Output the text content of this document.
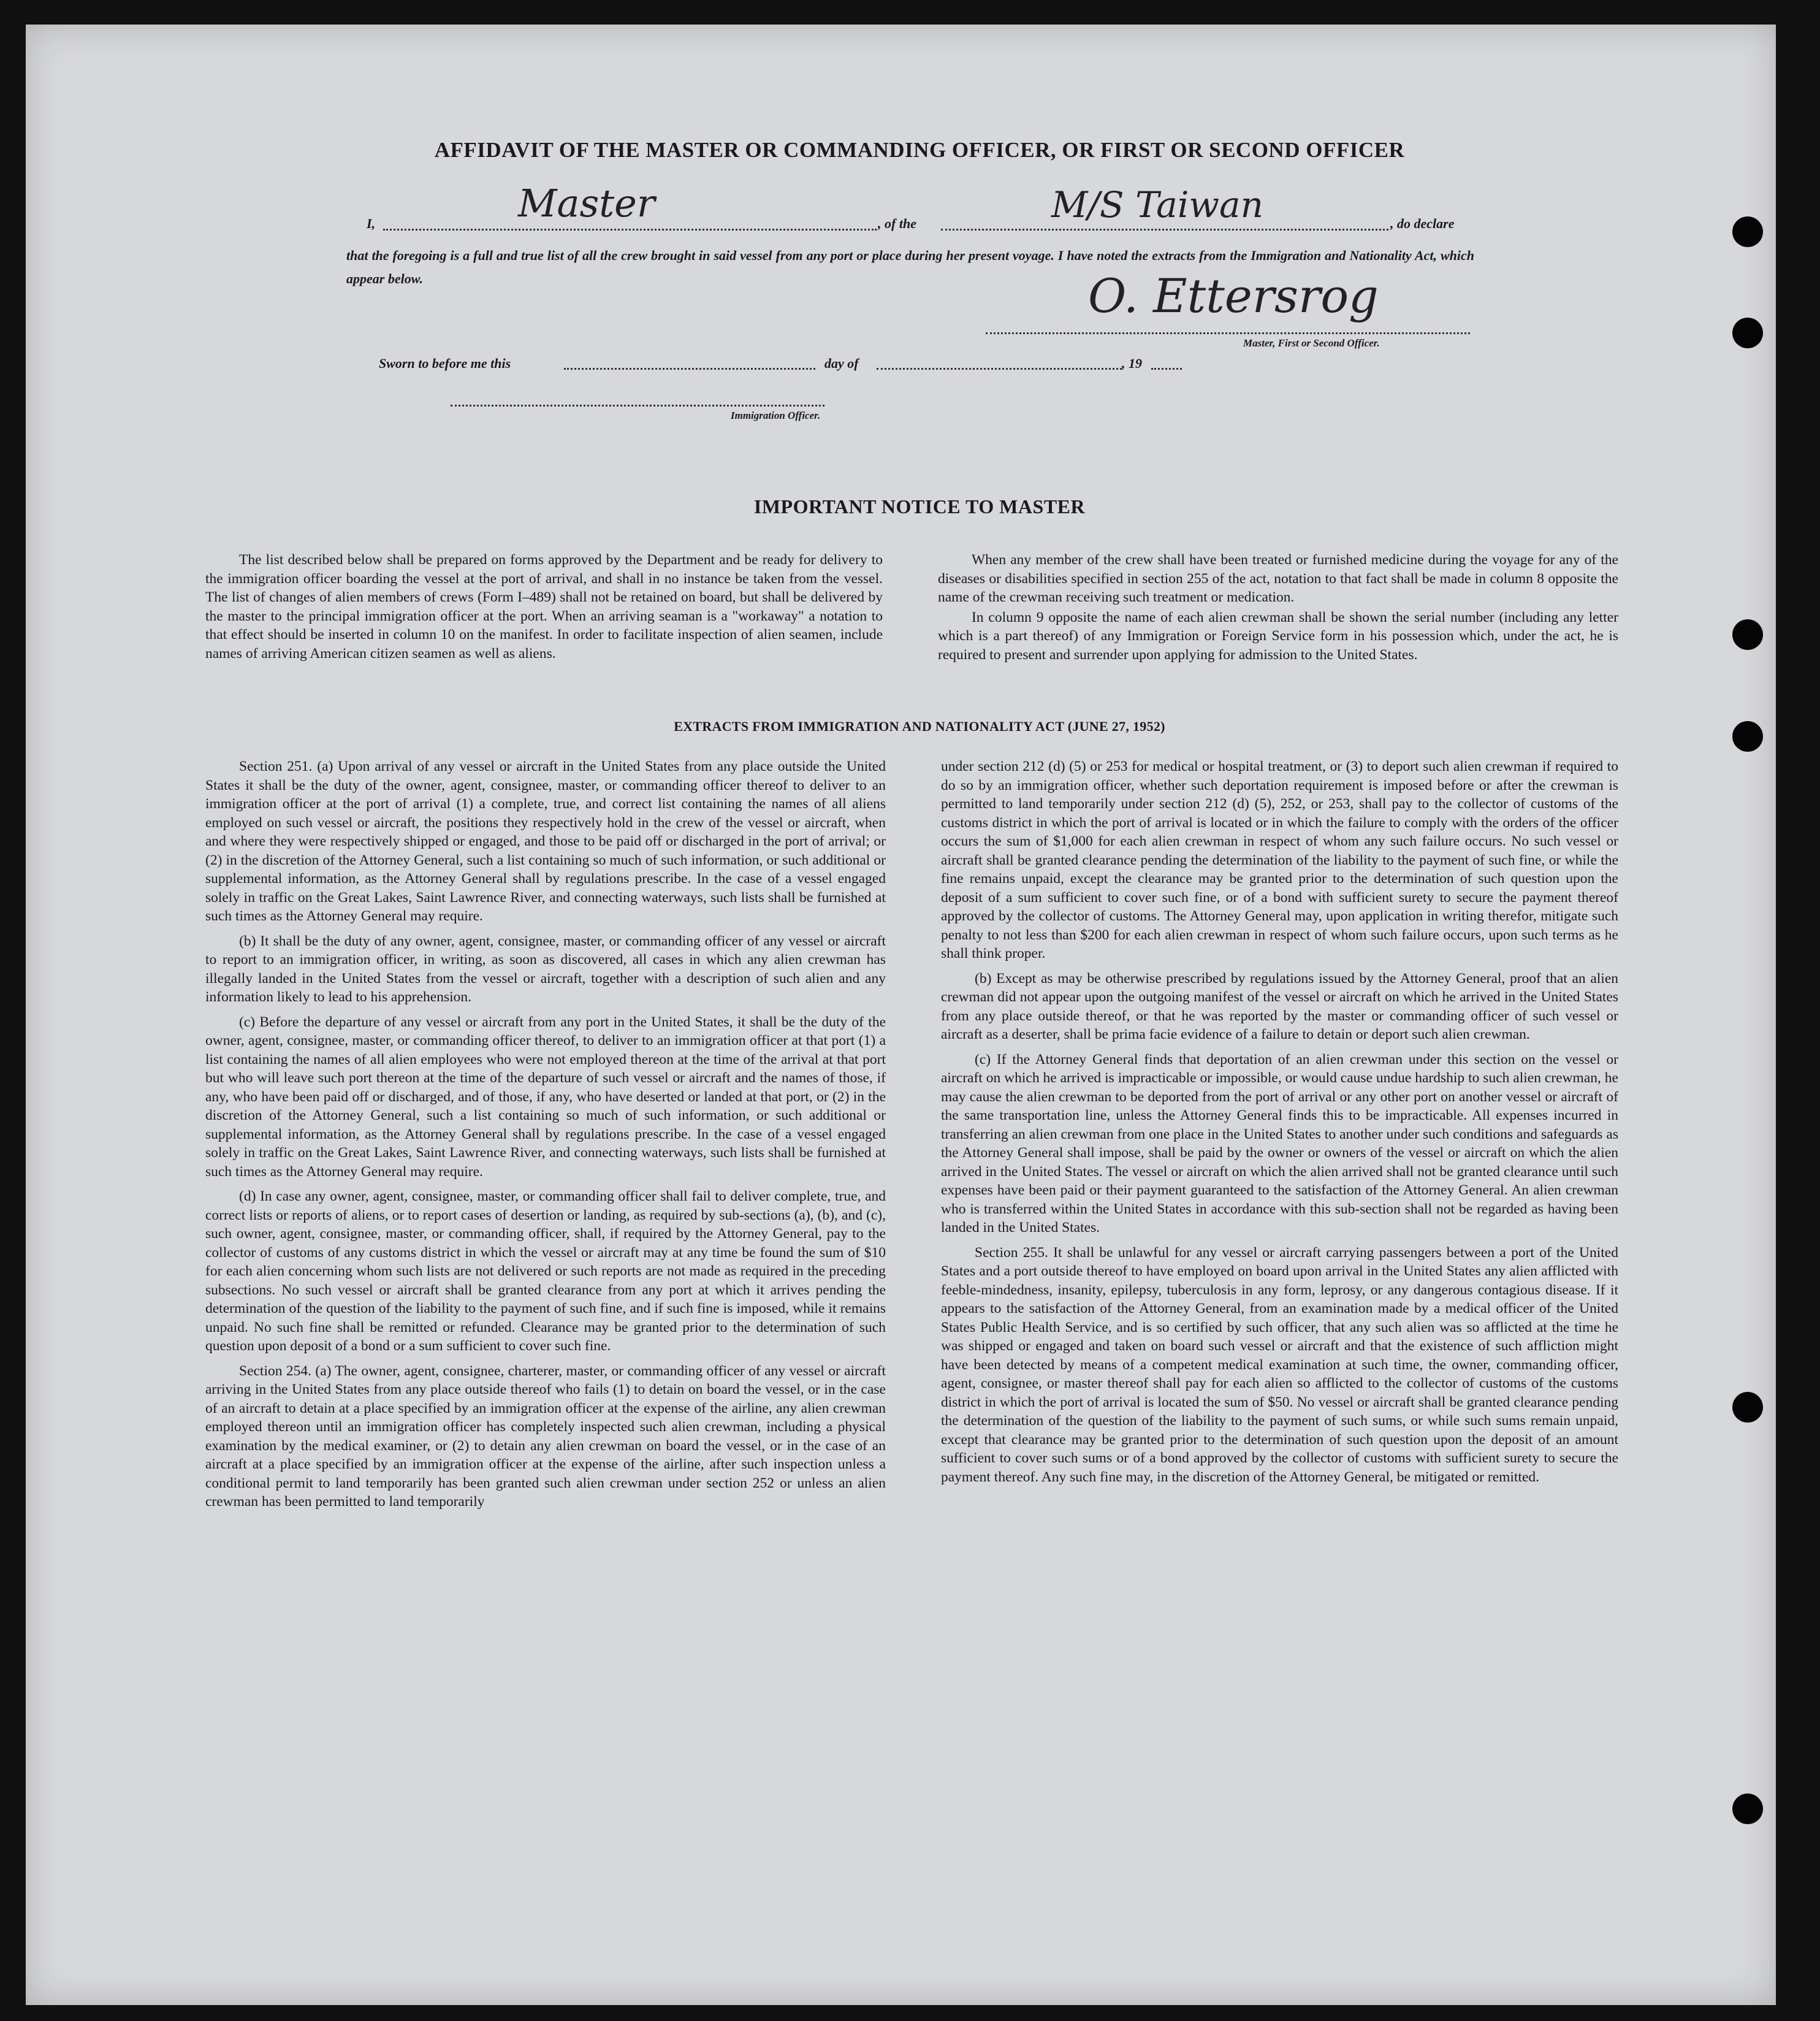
AFFIDAVIT OF THE MASTER OR COMMANDING OFFICER, OR FIRST OR SECOND OFFICER
I,	Master	, of the	M/S Taiwan	, do declare
that the foregoing is a full and true list of all the crew brought in said vessel from any port or place during her present voyage. I have noted the extracts from the Immigration and Nationality Act, which appear below.	O. Ettersrog
Master, First or Second Officer.
Sworn to before me this	day of	, 19
Immigration Officer.
IMPORTANT NOTICE TO MASTER

The list described below shall be prepared on forms approved by the Department and be ready for delivery to the immigration officer boarding the vessel at the port of arrival, and shall in no instance be taken from the vessel. The list of changes of alien members of crews (Form I–489) shall not be retained on board, but shall be delivered by the master to the principal immigration officer at the port. When an arriving seaman is a "workaway" a notation to that effect should be inserted in column 10 on the manifest. In order to facilitate inspection of alien seamen, include names of arriving American citizen seamen as well as aliens.

When any member of the crew shall have been treated or furnished medicine during the voyage for any of the diseases or disabilities specified in section 255 of the act, notation to that fact shall be made in column 8 opposite the name of the crewman receiving such treatment or medication.

In column 9 opposite the name of each alien crewman shall be shown the serial number (including any letter which is a part thereof) of any Immigration or Foreign Service form in his possession which, under the act, he is required to present and surrender upon applying for admission to the United States.

EXTRACTS FROM IMMIGRATION AND NATIONALITY ACT (JUNE 27, 1952)

Section 251. (a) Upon arrival of any vessel or aircraft in the United States from any place outside the United States it shall be the duty of the owner, agent, consignee, master, or commanding officer thereof to deliver to an immigration officer at the port of arrival (1) a complete, true, and correct list containing the names of all aliens employed on such vessel or aircraft, the positions they respectively hold in the crew of the vessel or aircraft, when and where they were respectively shipped or engaged, and those to be paid off or discharged in the port of arrival; or (2) in the discretion of the Attorney General, such a list containing so much of such information, or such additional or supplemental information, as the Attorney General shall by regulations prescribe. In the case of a vessel engaged solely in traffic on the Great Lakes, Saint Lawrence River, and connecting waterways, such lists shall be furnished at such times as the Attorney General may require.

(b) It shall be the duty of any owner, agent, consignee, master, or commanding officer of any vessel or aircraft to report to an immigration officer, in writing, as soon as discovered, all cases in which any alien crewman has illegally landed in the United States from the vessel or aircraft, together with a description of such alien and any information likely to lead to his apprehension.

(c) Before the departure of any vessel or aircraft from any port in the United States, it shall be the duty of the owner, agent, consignee, master, or commanding officer thereof, to deliver to an immigration officer at that port (1) a list containing the names of all alien employees who were not employed thereon at the time of the arrival at that port but who will leave such port thereon at the time of the departure of such vessel or aircraft and the names of those, if any, who have been paid off or discharged, and of those, if any, who have deserted or landed at that port, or (2) in the discretion of the Attorney General, such a list containing so much of such information, or such additional or supplemental information, as the Attorney General shall by regulations prescribe. In the case of a vessel engaged solely in traffic on the Great Lakes, Saint Lawrence River, and connecting waterways, such lists shall be furnished at such times as the Attorney General may require.

(d) In case any owner, agent, consignee, master, or commanding officer shall fail to deliver complete, true, and correct lists or reports of aliens, or to report cases of desertion or landing, as required by sub-sections (a), (b), and (c), such owner, agent, consignee, master, or commanding officer, shall, if required by the Attorney General, pay to the collector of customs of any customs district in which the vessel or aircraft may at any time be found the sum of $10 for each alien concerning whom such lists are not delivered or such reports are not made as required in the preceding subsections. No such vessel or aircraft shall be granted clearance from any port at which it arrives pending the determination of the question of the liability to the payment of such fine, and if such fine is imposed, while it remains unpaid. No such fine shall be remitted or refunded. Clearance may be granted prior to the determination of such question upon deposit of a bond or a sum sufficient to cover such fine.

Section 254. (a) The owner, agent, consignee, charterer, master, or commanding officer of any vessel or aircraft arriving in the United States from any place outside thereof who fails (1) to detain on board the vessel, or in the case of an aircraft to detain at a place specified by an immigration officer at the expense of the airline, any alien crewman employed thereon until an immigration officer has completely inspected such alien crewman, including a physical examination by the medical examiner, or (2) to detain any alien crewman on board the vessel, or in the case of an aircraft at a place specified by an immigration officer at the expense of the airline, after such inspection unless a conditional permit to land temporarily has been granted such alien crewman under section 252 or unless an alien crewman has been permitted to land temporarily

under section 212 (d) (5) or 253 for medical or hospital treatment, or (3) to deport such alien crewman if required to do so by an immigration officer, whether such deportation requirement is imposed before or after the crewman is permitted to land temporarily under section 212 (d) (5), 252, or 253, shall pay to the collector of customs of the customs district in which the port of arrival is located or in which the failure to comply with the orders of the officer occurs the sum of $1,000 for each alien crewman in respect of whom any such failure occurs. No such vessel or aircraft shall be granted clearance pending the determination of the liability to the payment of such fine, or while the fine remains unpaid, except the clearance may be granted prior to the determination of such question upon the deposit of a sum sufficient to cover such fine, or of a bond with sufficient surety to secure the payment thereof approved by the collector of customs. The Attorney General may, upon application in writing therefor, mitigate such penalty to not less than $200 for each alien crewman in respect of whom such failure occurs, upon such terms as he shall think proper.

(b) Except as may be otherwise prescribed by regulations issued by the Attorney General, proof that an alien crewman did not appear upon the outgoing manifest of the vessel or aircraft on which he arrived in the United States from any place outside thereof, or that he was reported by the master or commanding officer of such vessel or aircraft as a deserter, shall be prima facie evidence of a failure to detain or deport such alien crewman.

(c) If the Attorney General finds that deportation of an alien crewman under this section on the vessel or aircraft on which he arrived is impracticable or impossible, or would cause undue hardship to such alien crewman, he may cause the alien crewman to be deported from the port of arrival or any other port on another vessel or aircraft of the same transportation line, unless the Attorney General finds this to be impracticable. All expenses incurred in transferring an alien crewman from one place in the United States to another under such conditions and safeguards as the Attorney General shall impose, shall be paid by the owner or owners of the vessel or aircraft on which the alien arrived in the United States. The vessel or aircraft on which the alien arrived shall not be granted clearance until such expenses have been paid or their payment guaranteed to the satisfaction of the Attorney General. An alien crewman who is transferred within the United States in accordance with this sub-section shall not be regarded as having been landed in the United States.

Section 255. It shall be unlawful for any vessel or aircraft carrying passengers between a port of the United States and a port outside thereof to have employed on board upon arrival in the United States any alien afflicted with feeble-mindedness, insanity, epilepsy, tuberculosis in any form, leprosy, or any dangerous contagious disease. If it appears to the satisfaction of the Attorney General, from an examination made by a medical officer of the United States Public Health Service, and is so certified by such officer, that any such alien was so afflicted at the time he was shipped or engaged and taken on board such vessel or aircraft and that the existence of such affliction might have been detected by means of a competent medical examination at such time, the owner, commanding officer, agent, consignee, or master thereof shall pay for each alien so afflicted to the collector of customs of the customs district in which the port of arrival is located the sum of $50. No vessel or aircraft shall be granted clearance pending the determination of the question of the liability to the payment of such sums, or while such sums remain unpaid, except that clearance may be granted prior to the determination of such question upon the deposit of an amount sufficient to cover such sums or of a bond approved by the collector of customs with sufficient surety to secure the payment thereof. Any such fine may, in the discretion of the Attorney General, be mitigated or remitted.
